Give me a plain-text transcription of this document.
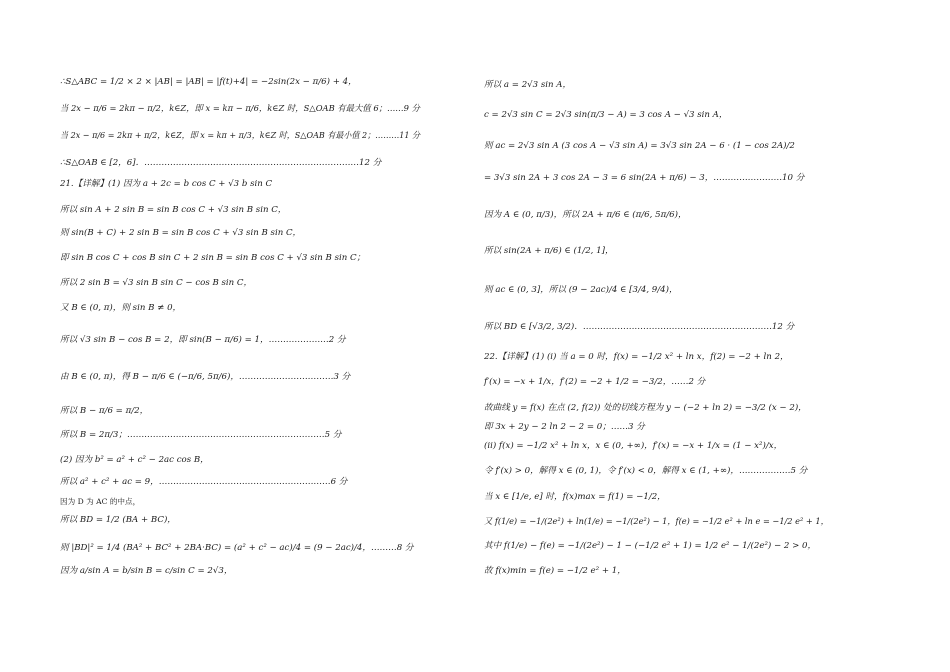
∴S△ABC = 1/2 × 2 × |AB| = |AB| = |f(t)+4| = −2sin(2x − π/6) + 4，
当 2x − π/6 = 2kπ − π/2，k∈Z，即 x = kπ − π/6，k∈Z 时，S△OAB 有最大值 6；……9 分
当 2x − π/6 = 2kπ + π/2，k∈Z，即 x = kπ + π/3，k∈Z 时，S△OAB 有最小值 2；………11 分
∴S△OAB ∈ [2，6]．…………………………………………………………………12 分
21.【详解】(1) 因为 a + 2c = b cos C + √3 b sin C
所以 sin A + 2 sin B = sin B cos C + √3 sin B sin C，
则 sin(B + C) + 2 sin B = sin B cos C + √3 sin B sin C，
即 sin B cos C + cos B sin C + 2 sin B = sin B cos C + √3 sin B sin C；
所以 2 sin B = √3 sin B sin C − cos B sin C，
又 B ∈ (0, π)，则 sin B ≠ 0，
所以 √3 sin B − cos B = 2，即 sin(B − π/6) = 1，…………………2 分
由 B ∈ (0, π)，得 B − π/6 ∈ (−π/6, 5π/6)，……………………………3 分
所以 B − π/6 = π/2，
所以 B = 2π/3；……………………………………………………………5 分
(2) 因为 b² = a² + c² − 2ac cos B，
所以 a² + c² + ac = 9，……………………………………………………6 分
因为 D 为 AC 的中点，
所以 BD = 1/2 (BA + BC)，
则 |BD|² = 1/4 (BA² + BC² + 2BA·BC) = (a² + c² − ac)/4 = (9 − 2ac)/4，………8 分
因为 a/sin A = b/sin B = c/sin C = 2√3，
所以 a = 2√3 sin A，
c = 2√3 sin C = 2√3 sin(π/3 − A) = 3 cos A − √3 sin A，
则 ac = 2√3 sin A (3 cos A − √3 sin A) = 3√3 sin 2A − 6 · (1 − cos 2A)/2
= 3√3 sin 2A + 3 cos 2A − 3 = 6 sin(2A + π/6) − 3，……………………10 分
因为 A ∈ (0, π/3)，所以 2A + π/6 ∈ (π/6, 5π/6)，
所以 sin(2A + π/6) ∈ (1/2, 1]，
则 ac ∈ (0, 3]，所以 (9 − 2ac)/4 ∈ [3/4, 9/4)，
所以 BD ∈ [√3/2, 3/2)．…………………………………………………………12 分
22.【详解】(1) (i) 当 a = 0 时，f(x) = −1/2 x² + ln x，f(2) = −2 + ln 2，
f′(x) = −x + 1/x，f′(2) = −2 + 1/2 = −3/2，……2 分
故曲线 y = f(x) 在点 (2, f(2)) 处的切线方程为 y − (−2 + ln 2) = −3/2 (x − 2)，
即 3x + 2y − 2 ln 2 − 2 = 0；……3 分
(ii) f(x) = −1/2 x² + ln x，x ∈ (0, +∞)，f′(x) = −x + 1/x = (1 − x²)/x，
令 f′(x) > 0，解得 x ∈ (0, 1)，令 f′(x) < 0，解得 x ∈ (1, +∞)，………………5 分
当 x ∈ [1/e, e] 时，f(x)max = f(1) = −1/2，
又 f(1/e) = −1/(2e²) + ln(1/e) = −1/(2e²) − 1，f(e) = −1/2 e² + ln e = −1/2 e² + 1，
其中 f(1/e) − f(e) = −1/(2e²) − 1 − (−1/2 e² + 1) = 1/2 e² − 1/(2e²) − 2 > 0，
故 f(x)min = f(e) = −1/2 e² + 1，
